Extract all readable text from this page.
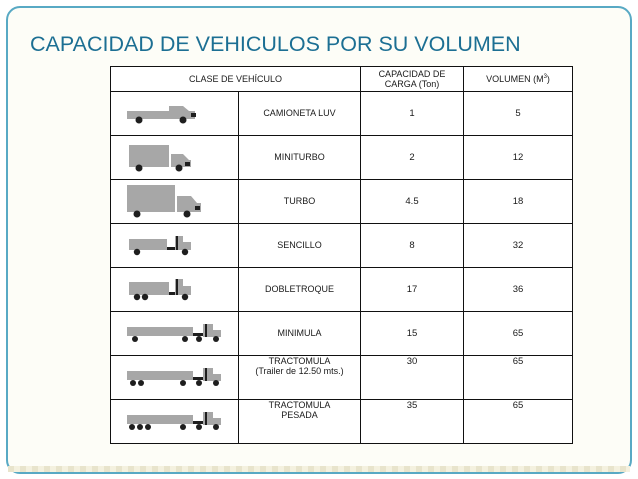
CAPACIDAD DE VEHICULOS POR SU VOLUMEN
CLASE DE VEHÍCULO		CAPACIDAD DE
CARGA (Ton)	VOLUMEN $(M^3)$

CAMIONETA LUV	1	5

MINITURBO	2	12

TURBO	4.5	18

SENCILLO	8	32

DOBLETROQUE	17	36

MINIMULA	15	65

TRACTOMULA
(Trailer de 12.50 mts.)	30	65

TRACTOMULA
PESADA	35	65
